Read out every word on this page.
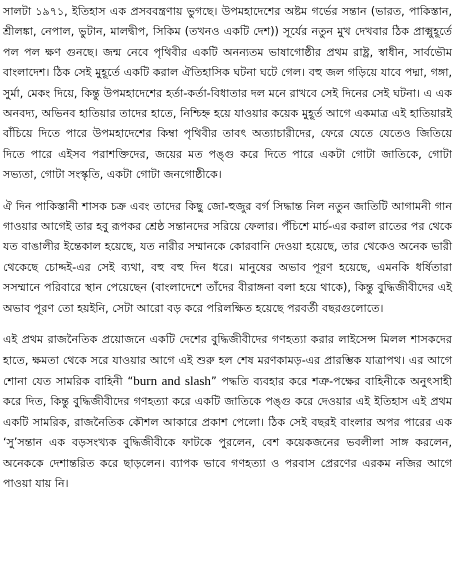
সালটা ১৯৭১, ইতিহাস এক প্রসববন্ত্রণায় ভুগছে। উপমহাদেশের অষ্টম গর্ভের সন্তান (ভারত, পাকিস্তান, শ্রীলঙ্কা, নেপাল, ভুটান, মালদ্বীপ, সিকিম (তখনও একটি দেশ)) সূর্যের নতুন মুখ দেখবার ঠিক প্রাক্মুহূর্তে পল পল ক্ষণ গুনছে। জন্ম নেবে পৃথিবীর একটি অনন্যতম ভাষাগোষ্ঠীর প্রথম রাষ্ট্র, স্বাধীন, সার্বভৌম বাংলাদেশ। ঠিক সেই মুহূর্তে একটি করাল ঐতিহাসিক ঘটনা ঘটে গেল। বহু জল গড়িয়ে যাবে পদ্মা, গঙ্গা, সুর্মা, মেকং দিয়ে, কিন্তু উপমহাদেশের হর্তা-কর্তা-বিধাতার দল মনে রাখবে সেই দিনের সেই ঘটনা। এ এক অনবদ্য, অভিনব হাতিয়ার তাদের হাতে, নিশ্চিহ্ন হয়ে যাওয়ার কয়েক মুহূর্ত আগে একমাত্র এই হাতিয়ারই বাঁচিয়ে দিতে পারে উপমহাদেশের কিম্বা পৃথিবীর তাবৎ অত্যাচারীদের, ফেরে যেতে যেতেও জিতিয়ে দিতে পারে এইসব পরাশক্তিদের, জয়ের মত পঙ্গু করে দিতে পারে একটা গোটা জাতিকে, গোটা সভ্যতা, গোটা সংস্কৃতি, একটা গোটা জনগোষ্ঠীকে।

ঐ দিন পাকিস্তানী শাসক চক্র এবং তাদের কিছু জো-হুজুর বর্গ সিদ্ধান্ত নিল নতুন জাতিটি আগামনী গান গাওয়ার আগেই তার হবু রূপকর শ্রেষ্ঠ সন্তানদের সরিয়ে ফেলার। পঁচিশে মার্চ-এর করাল রাতের পর থেকে যত বাঙালীর ইন্তেকাল হয়েছে, যত নারীর সম্মানকে কোরবানি দেওয়া হয়েছে, তার থেকেও অনেক ভারী থেকেছে চোদ্দই-এর সেই ব্যথা, বহু বহু দিন ধরে। মানুষের অভাব পূরণ হয়েছে, এমনকি ধর্ষিতারা সসম্মানে পরিবারে স্থান পেয়েছেন (বাংলাদেশে তাঁদের বীরাঙ্গনা বলা হয়ে থাকে), কিন্তু বুদ্ধিজীবীদের এই অভাব পূরণ তো হয়ইনি, সেটা আরো বড় করে পরিলক্ষিত হয়েছে পরবর্তী বছরগুলোতে।

এই প্রথম রাজনৈতিক প্রয়োজনে একটি দেশের বুদ্ধিজীবীদের গণহত্যা করার লাইসেন্স মিলল শাসকদের হাতে, ক্ষমতা থেকে সরে যাওয়ার আগে এই শুরু হল শেষ মরণকামড়-এর প্রারম্ভিক যাত্রাপথ। এর আগে শোনা যেত সামরিক বাহিনী “burn and slash” পদ্ধতি ব্যবহার করে শত্রু-পক্ষের বাহিনীকে অনুৎসাহী করে দিত, কিন্তু বুদ্ধিজীবীদের গণহত্যা করে একটি জাতিকে পঙ্গু করে দেওয়ার এই ইতিহাস এই প্রথম একটি সামরিক, রাজনৈতিক কৌশল আকারে প্রকাশ পেলো। ঠিক সেই বছরই বাংলার অপর পারের এক ‘সু’সন্তান এক বড়সংখ্যক বুদ্ধিজীবীকে ফাটকে পুরলেন, বেশ কয়েকজনের ভবলীলা সাঙ্গ করলেন, অনেককে দেশান্তরিত করে ছাড়লেন। ব্যাপক ভাবে গণহত্যা ও পরবাস প্রেরণের এরকম নজির আগে পাওয়া যায় নি।
